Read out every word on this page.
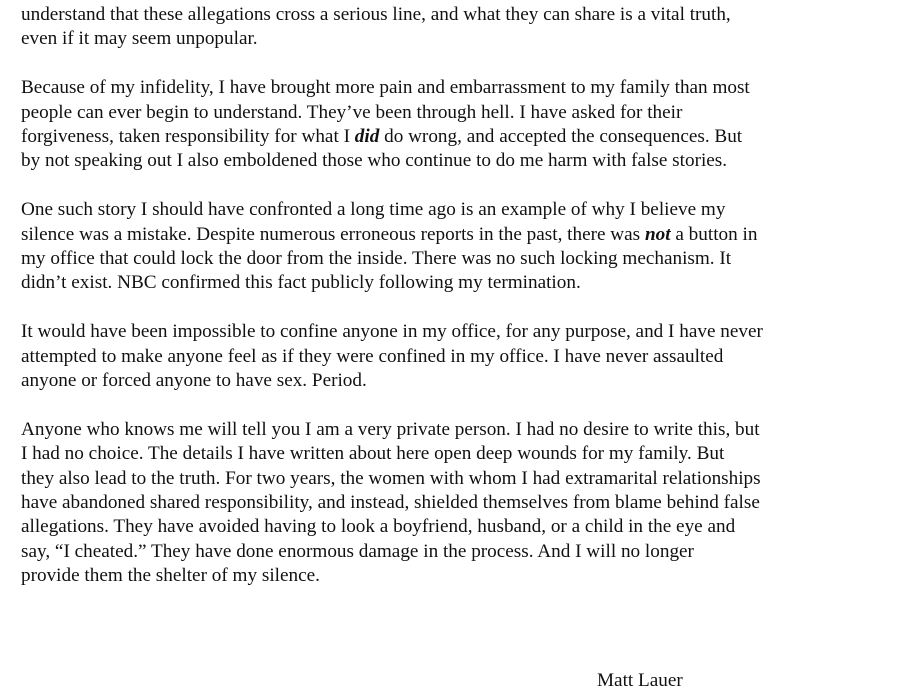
understand that these allegations cross a serious line, and what they can share is a vital truth,
even if it may seem unpopular.

Because of my infidelity, I have brought more pain and embarrassment to my family than most
people can ever begin to understand. They’ve been through hell. I have asked for their
forgiveness, taken responsibility for what I did do wrong, and accepted the consequences. But
by not speaking out I also emboldened those who continue to do me harm with false stories.

One such story I should have confronted a long time ago is an example of why I believe my
silence was a mistake. Despite numerous erroneous reports in the past, there was not a button in
my office that could lock the door from the inside. There was no such locking mechanism. It
didn’t exist. NBC confirmed this fact publicly following my termination.

It would have been impossible to confine anyone in my office, for any purpose, and I have never
attempted to make anyone feel as if they were confined in my office. I have never assaulted
anyone or forced anyone to have sex. Period.

Anyone who knows me will tell you I am a very private person. I had no desire to write this, but
I had no choice. The details I have written about here open deep wounds for my family. But
they also lead to the truth. For two years, the women with whom I had extramarital relationships
have abandoned shared responsibility, and instead, shielded themselves from blame behind false
allegations. They have avoided having to look a boyfriend, husband, or a child in the eye and
say, “I cheated.” They have done enormous damage in the process. And I will no longer
provide them the shelter of my silence.

Matt Lauer
